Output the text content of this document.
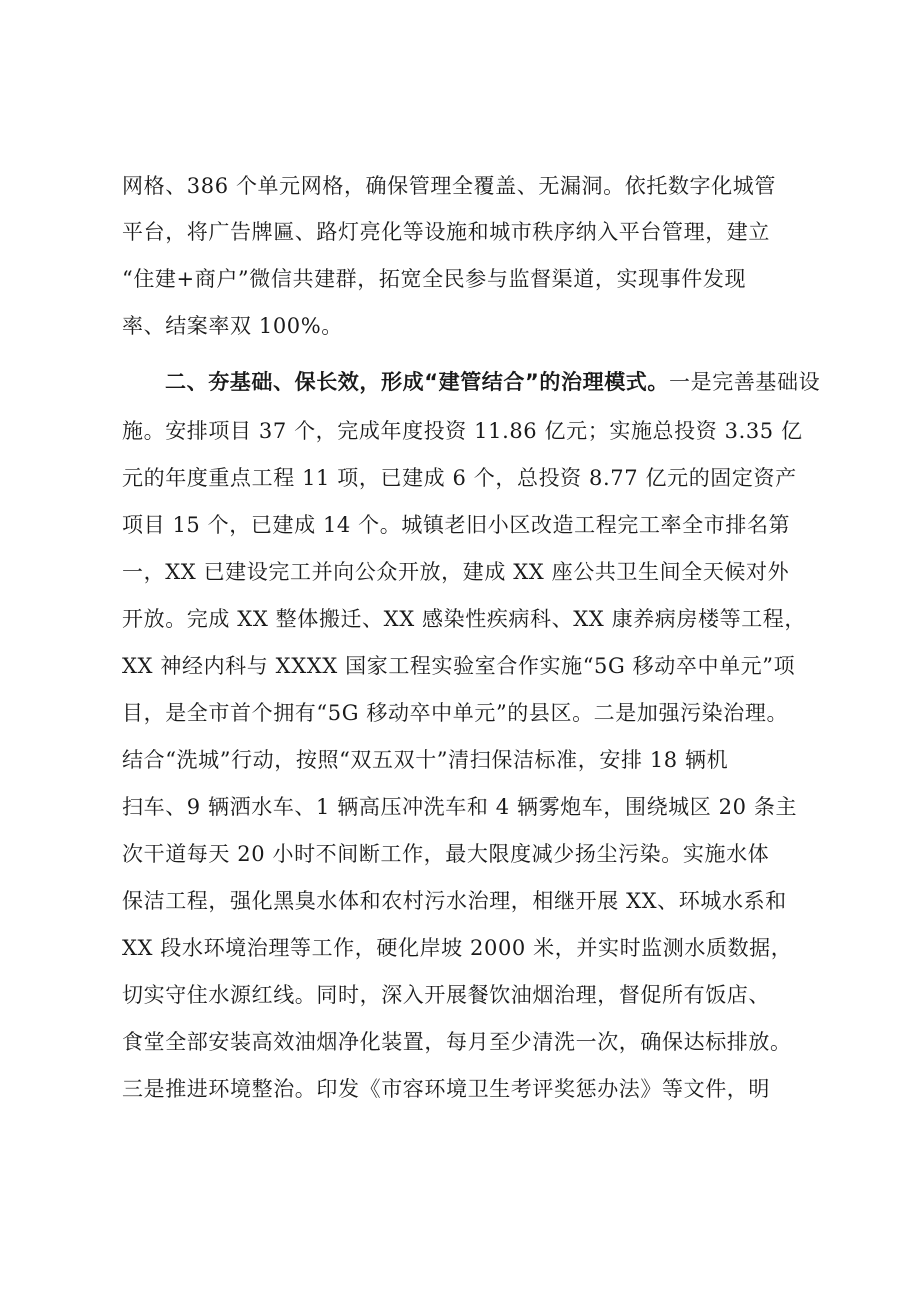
网格、386 个单元网格，确保管理全覆盖、无漏洞。依托数字化城管
平台，将广告牌匾、路灯亮化等设施和城市秩序纳入平台管理，建立
“住建+商户”微信共建群，拓宽全民参与监督渠道，实现事件发现
率、结案率双 100%。
二、夯基础、保长效，形成“建管结合”的治理模式。一是完善基础设
施。安排项目 37 个，完成年度投资 11.86 亿元；实施总投资 3.35 亿
元的年度重点工程 11 项，已建成 6 个，总投资 8.77 亿元的固定资产
项目 15 个，已建成 14 个。城镇老旧小区改造工程完工率全市排名第
一，XX 已建设完工并向公众开放，建成 XX 座公共卫生间全天候对外
开放。完成 XX 整体搬迁、XX 感染性疾病科、XX 康养病房楼等工程，
XX 神经内科与 XXXX 国家工程实验室合作实施“5G 移动卒中单元”项
目，是全市首个拥有“5G 移动卒中单元”的县区。二是加强污染治理。
结合“洗城”行动，按照“双五双十”清扫保洁标准，安排 18 辆机
扫车、9 辆洒水车、1 辆高压冲洗车和 4 辆雾炮车，围绕城区 20 条主
次干道每天 20 小时不间断工作，最大限度减少扬尘污染。实施水体
保洁工程，强化黑臭水体和农村污水治理，相继开展 XX、环城水系和
XX 段水环境治理等工作，硬化岸坡 2000 米，并实时监测水质数据，
切实守住水源红线。同时，深入开展餐饮油烟治理，督促所有饭店、
食堂全部安装高效油烟净化装置，每月至少清洗一次，确保达标排放。
三是推进环境整治。印发《市容环境卫生考评奖惩办法》等文件，明
